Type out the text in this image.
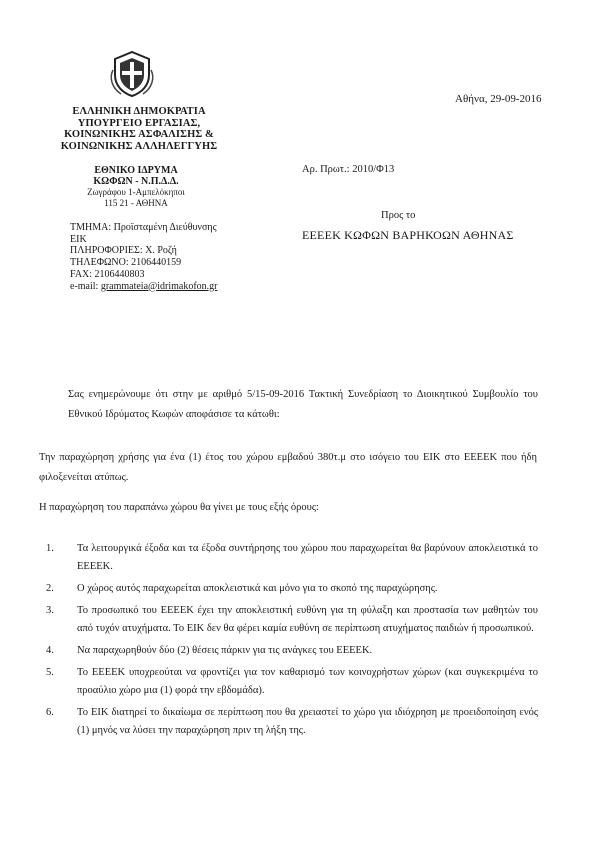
ΕΛΛΗΝΙΚΗ ΔΗΜΟΚΡΑΤΙΑ
ΥΠΟΥΡΓΕΙΟ ΕΡΓΑΣΙΑΣ,
ΚΟΙΝΩΝΙΚΗΣ ΑΣΦΑΛΙΣΗΣ &
ΚΟΙΝΩΝΙΚΗΣ ΑΛΛΗΛΕΓΓΥΗΣ
ΕΘΝΙΚΟ ΙΔΡΥΜΑ
ΚΩΦΩΝ - Ν.Π.Δ.Δ.
Ζωγράφου 1-Αμπελόκηποι
115 21 - ΑΘΗΝΑ
ΤΜΗΜΑ: Προϊσταμένη Διεύθυνσης
ΕΙΚ
ΠΛΗΡΟΦΟΡΙΕΣ: Χ. Ροζή
ΤΗΛΕΦΩΝΟ: 2106440159
FAX: 2106440803
e-mail: grammateia@idrimakofon.gr
Αθήνα, 29-09-2016
Αρ. Πρωτ.: 2010/Φ13
Προς το
ΕΕΕΕΚ ΚΩΦΩΝ ΒΑΡΗΚΟΩΝ ΑΘΗΝΑΣ
Σας ενημερώνουμε ότι στην με αριθμό 5/15-09-2016 Τακτική Συνεδρίαση το Διοικητικού Συμβουλίο του Εθνικού Ιδρύματος Κωφών αποφάσισε τα κάτωθι:
Την παραχώρηση χρήσης για ένα (1) έτος του χώρου εμβαδού 380τ.μ στο ισόγειο του ΕΙΚ στο ΕΕΕΕΚ που ήδη φιλοξενείται ατύπως.
Η παραχώρηση του παραπάνω χώρου θα γίνει με τους εξής όρους:
1. Τα λειτουργικά έξοδα και τα έξοδα συντήρησης του χώρου που παραχωρείται θα βαρύνουν αποκλειστικά το ΕΕΕΕΚ.
2. Ο χώρος αυτός παραχωρείται αποκλειστικά και μόνο για το σκοπό της παραχώρησης.
3. Το προσωπικό του ΕΕΕΕΚ έχει την αποκλειστική ευθύνη για τη φύλαξη και προστασία των μαθητών του από τυχόν ατυχήματα. Το ΕΙΚ δεν θα φέρει καμία ευθύνη σε περίπτωση ατυχήματος παιδιών ή προσωπικού.
4. Να παραχωρηθούν δύο (2) θέσεις πάρκιν για τις ανάγκες του ΕΕΕΕΚ.
5. Το ΕΕΕΕΚ υποχρεούται να φροντίζει για τον καθαρισμό των κοινοχρήστων χώρων (και συγκεκριμένα το προαύλιο χώρο μια (1) φορά την εβδομάδα).
6. Το ΕΙΚ διατηρεί το δικαίωμα σε περίπτωση που θα χρειαστεί το χώρο για ιδιόχρηση με προειδοποίηση ενός (1) μηνός να λύσει την παραχώρηση πριν τη λήξη της.
